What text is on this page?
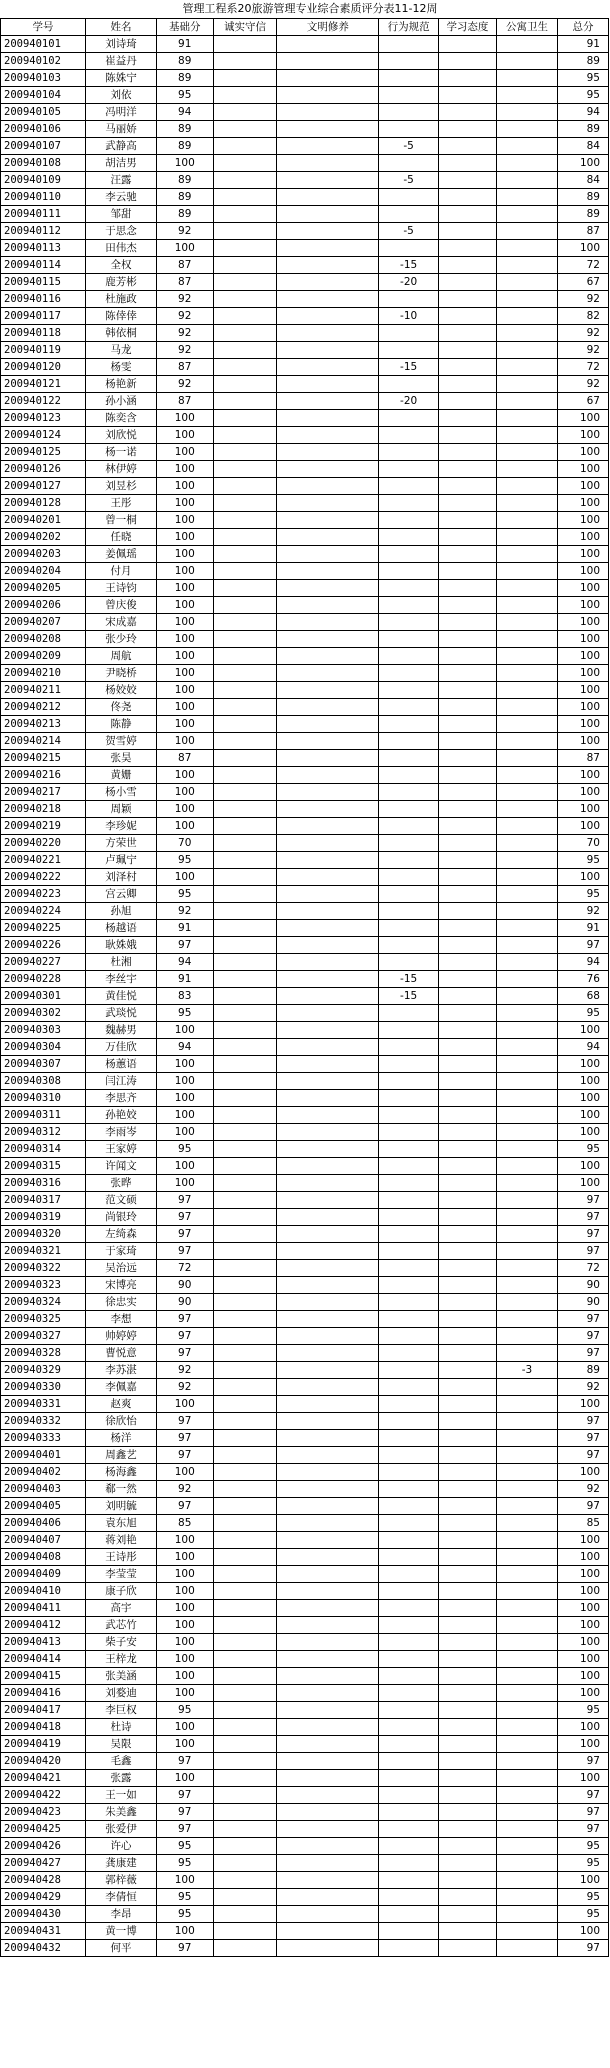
管理工程系20旅游管理专业综合素质评分表11-12周
学号	姓名	基础分	诚实守信	文明修养	行为规范	学习态度	公寓卫生	总分
200940101	刘诗琦	91						91
200940102	崔益丹	89						89
200940103	陈姝宁	89						95
200940104	刘依	95						95
200940105	冯明洋	94						94
200940106	马丽娇	89						89
200940107	武静高	89			-5			84
200940108	胡洁男	100						100
200940109	汪露	89			-5			84
200940110	李云驰	89						89
200940111	邹甜	89						89
200940112	于思念	92			-5			87
200940113	田伟杰	100						100
200940114	全权	87			-15			72
200940115	鹿芳彬	87			-20			67
200940116	杜施政	92						92
200940117	陈倖倖	92			-10			82
200940118	韩依桐	92						92
200940119	马龙	92						92
200940120	杨雯	87			-15			72
200940121	杨艳新	92						92
200940122	孙小涵	87			-20			67
200940123	陈奕含	100						100
200940124	刘欣悦	100						100
200940125	杨一诺	100						100
200940126	林伊婷	100						100
200940127	刘昱杉	100						100
200940128	王彤	100						100
200940201	曾一桐	100						100
200940202	任晓	100						100
200940203	姜佩瑶	100						100
200940204	付月	100						100
200940205	王诗钧	100						100
200940206	曾庆俊	100						100
200940207	宋成嘉	100						100
200940208	张少玲	100						100
200940209	周航	100						100
200940210	尹晓桥	100						100
200940211	杨姣姣	100						100
200940212	佟尧	100						100
200940213	陈静	100						100
200940214	贺雪婷	100						100
200940215	张昊	87						87
200940216	黄姗	100						100
200940217	杨小雪	100						100
200940218	周颖	100						100
200940219	李珍妮	100						100
200940220	方荣世	70						70
200940221	卢珮宁	95						95
200940222	刘泽村	100						100
200940223	宫云卿	95						95
200940224	孙旭	92						92
200940225	杨越语	91						91
200940226	耿姝娥	97						97
200940227	杜湘	94						94
200940228	李丝宇	91			-15			76
200940301	黄佳悦	83			-15			68
200940302	武琰悦	95						95
200940303	魏赫男	100						100
200940304	万佳欣	94						94
200940307	杨蕙语	100						100
200940308	闫江涛	100						100
200940310	李思齐	100						100
200940311	孙艳姣	100						100
200940312	李雨岑	100						100
200940314	王家婷	95						95
200940315	许闻文	100						100
200940316	张晔	100						100
200940317	范文硕	97						97
200940319	尚银玲	97						97
200940320	左绮森	97						97
200940321	于家琦	97						97
200940322	吴治远	72						72
200940323	宋博亮	90						90
200940324	徐忠实	90						90
200940325	李想	97						97
200940327	帅婷婷	97						97
200940328	曹悦意	97						97
200940329	李苏湛	92					-3	89
200940330	李佩嘉	92						92
200940331	赵爽	100						100
200940332	徐欣怡	97						97
200940333	杨洋	97						97
200940401	周鑫艺	97						97
200940402	杨海鑫	100						100
200940403	郗一然	92						92
200940405	刘明毓	97						97
200940406	袁东旭	85						85
200940407	蒋刘艳	100						100
200940408	王诗彤	100						100
200940409	李莹莹	100						100
200940410	康子欣	100						100
200940411	高宇	100						100
200940412	武芯竹	100						100
200940413	柴子安	100						100
200940414	王梓龙	100						100
200940415	张美涵	100						100
200940416	刘婺迪	100						100
200940417	李巨权	95						95
200940418	杜诗	100						100
200940419	吴限	100						100
200940420	毛鑫	97						97
200940421	张露	100						100
200940422	王一如	97						97
200940423	朱美鑫	97						97
200940425	张爱伊	97						97
200940426	许心	95						95
200940427	龚康建	95						95
200940428	郭梓薇	100						100
200940429	李倩恒	95						95
200940430	李昂	95						95
200940431	黄一博	100						100
200940432	何平	97						97
